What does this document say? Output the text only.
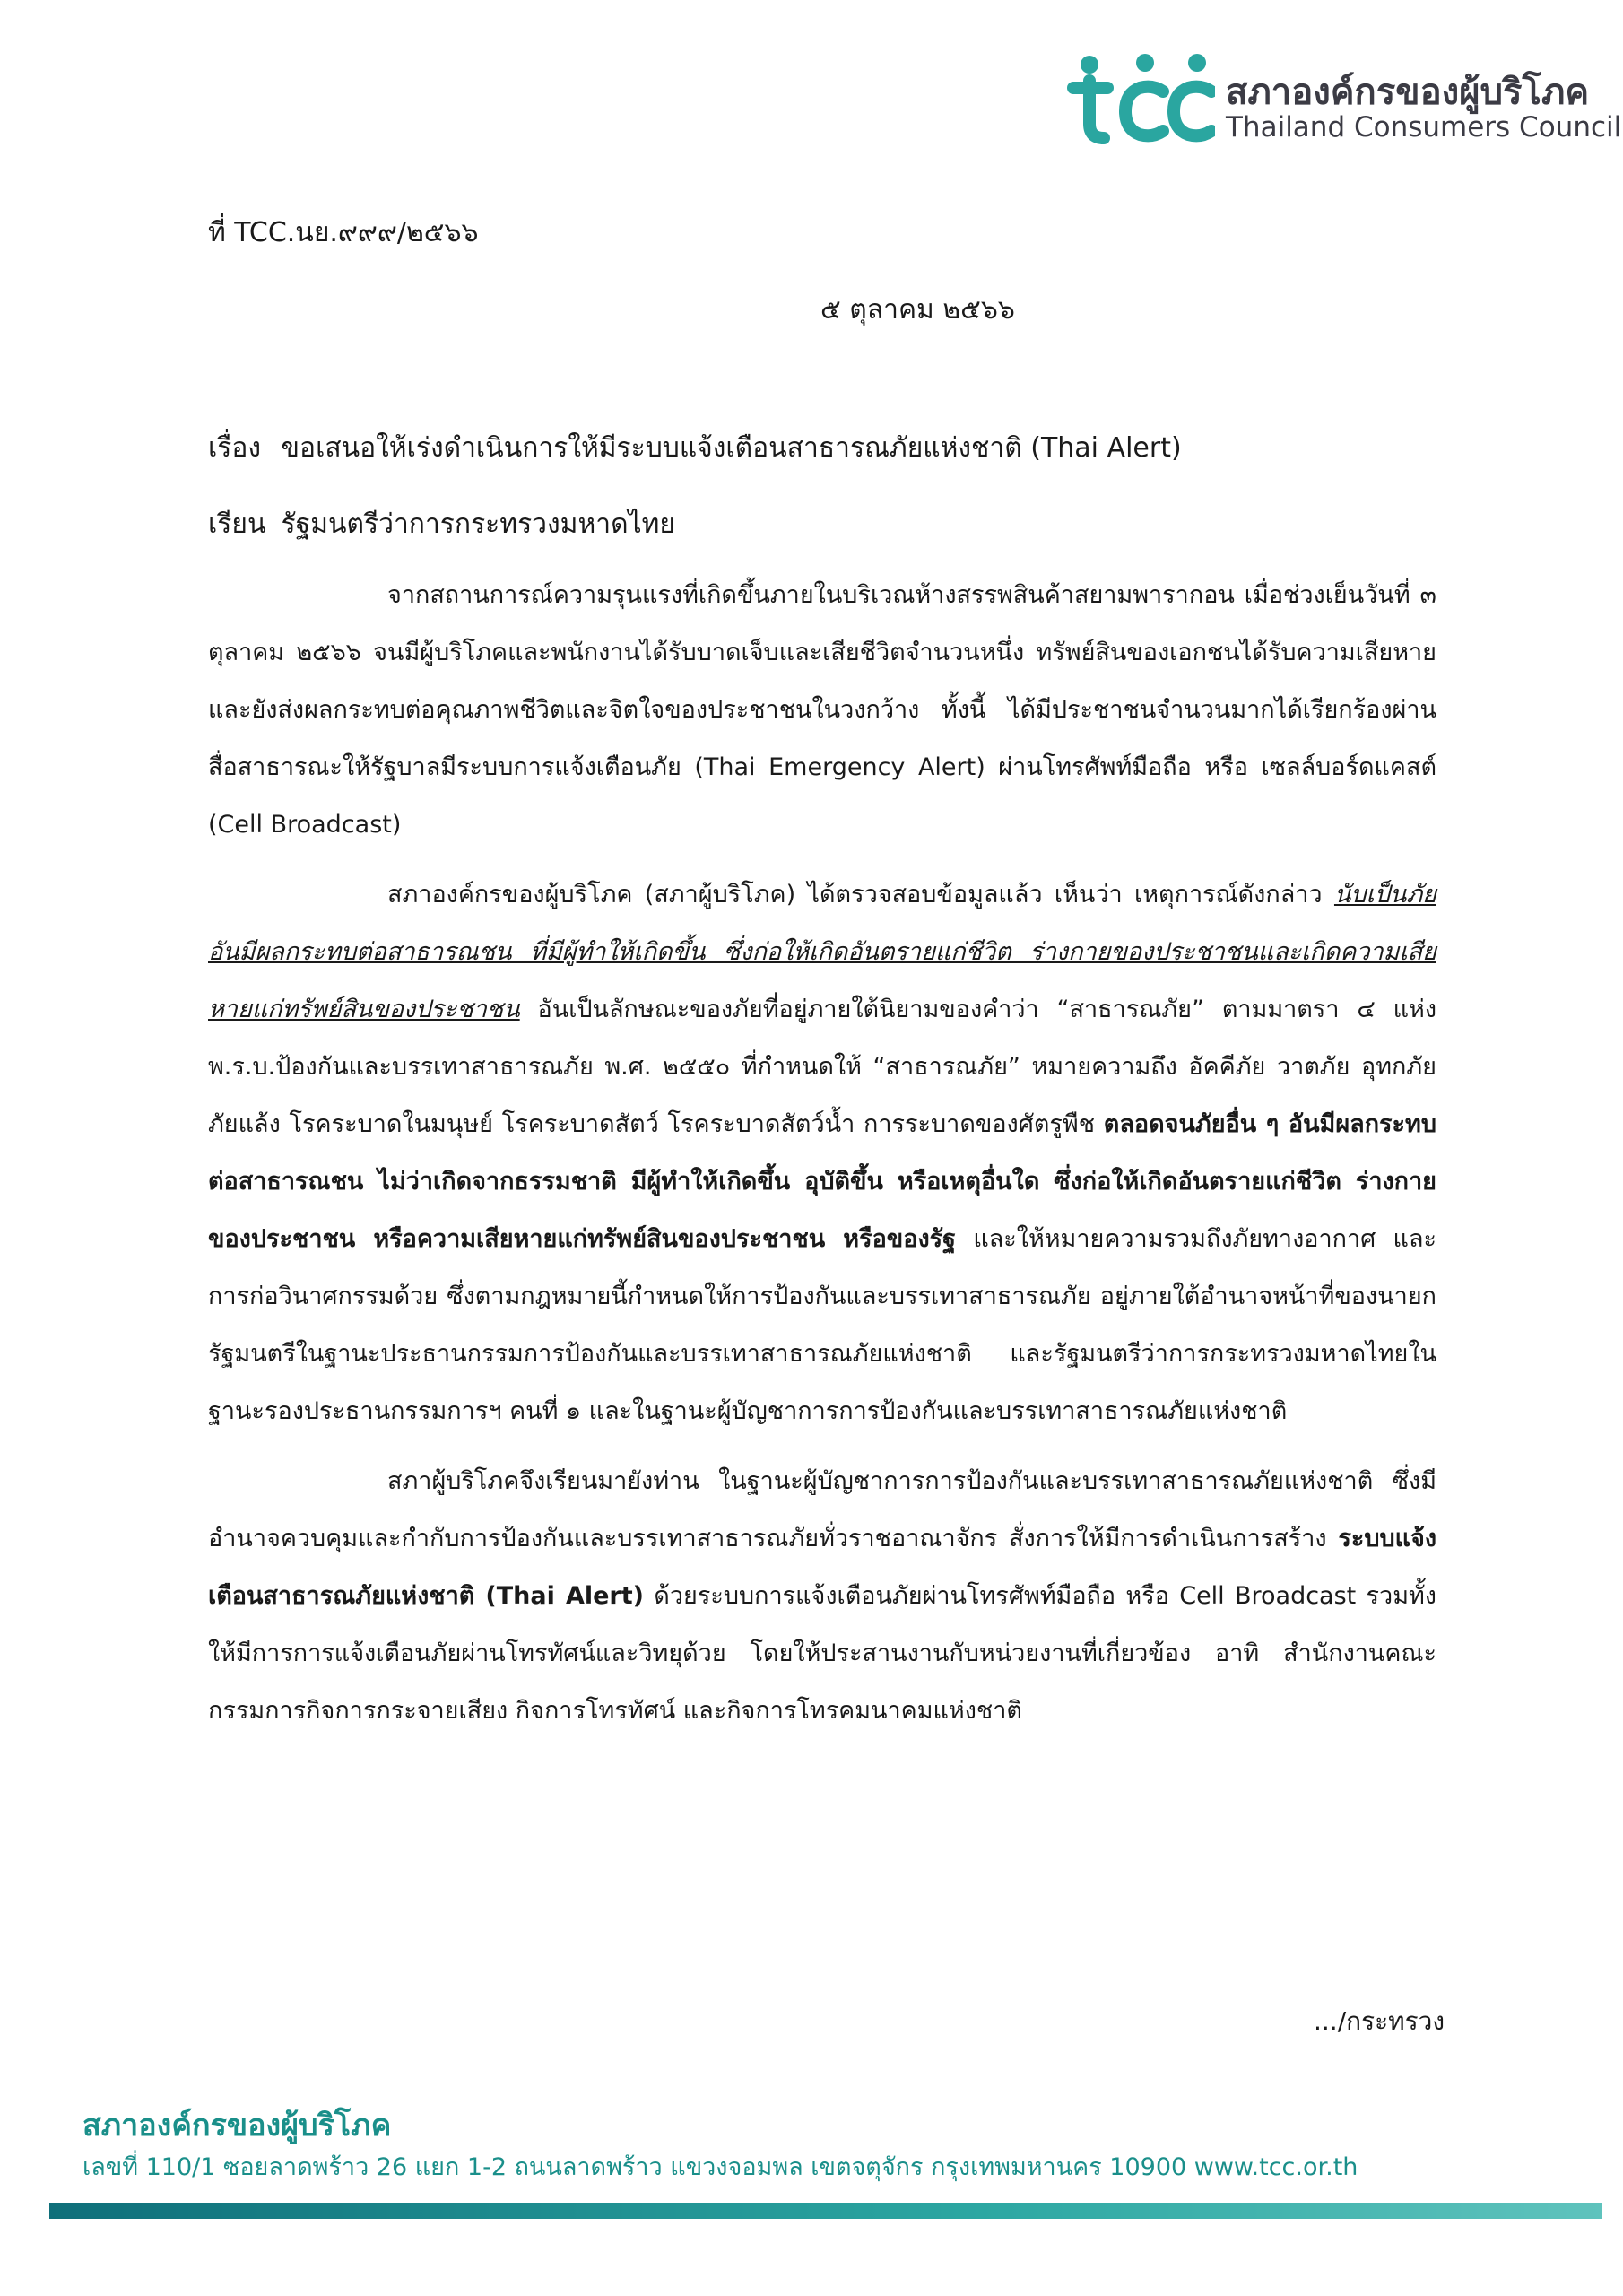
สภาองค์กรของผู้บริโภค
Thailand Consumers Council
ที่ TCC.นย.๙๙๙/๒๕๖๖
๕ ตุลาคม ๒๕๖๖
เรื่อง ขอเสนอให้เร่งดำเนินการให้มีระบบแจ้งเตือนสาธารณภัยแห่งชาติ (Thai Alert)
เรียน รัฐมนตรีว่าการกระทรวงมหาดไทย

จากสถานการณ์ความรุนแรงที่เกิดขึ้นภายในบริเวณห้างสรรพสินค้าสยามพารากอน เมื่อช่วงเย็นวันที่ ๓ ตุลาคม ๒๕๖๖ จนมีผู้บริโภคและพนักงานได้รับบาดเจ็บและเสียชีวิตจำนวนหนึ่ง ทรัพย์สินของเอกชนได้รับความเสียหาย และยังส่งผลกระทบต่อคุณภาพชีวิตและจิตใจของประชาชนในวงกว้าง ทั้งนี้ ได้มีประชาชนจำนวนมากได้เรียกร้องผ่านสื่อสาธารณะให้รัฐบาลมีระบบการแจ้งเตือนภัย (Thai Emergency Alert) ผ่านโทรศัพท์มือถือ หรือ เซลล์บอร์ดแคสต์ (Cell Broadcast)

สภาองค์กรของผู้บริโภค (สภาผู้บริโภค) ได้ตรวจสอบข้อมูลแล้ว เห็นว่า เหตุการณ์ดังกล่าว นับเป็นภัยอันมีผลกระทบต่อสาธารณชน ที่มีผู้ทำให้เกิดขึ้น ซึ่งก่อให้เกิดอันตรายแก่ชีวิต ร่างกายของประชาชนและเกิดความเสียหายแก่ทรัพย์สินของประชาชน อันเป็นลักษณะของภัยที่อยู่ภายใต้นิยามของคำว่า “สาธารณภัย” ตามมาตรา ๔ แห่ง พ.ร.บ.ป้องกันและบรรเทาสาธารณภัย พ.ศ. ๒๕๕๐ ที่กำหนดให้ “สาธารณภัย” หมายความถึง อัคคีภัย วาตภัย อุทกภัย ภัยแล้ง โรคระบาดในมนุษย์ โรคระบาดสัตว์ โรคระบาดสัตว์น้ำ การระบาดของศัตรูพืช ตลอดจนภัยอื่น ๆ อันมีผลกระทบต่อสาธารณชน ไม่ว่าเกิดจากธรรมชาติ มีผู้ทำให้เกิดขึ้น อุบัติขึ้น หรือเหตุอื่นใด ซึ่งก่อให้เกิดอันตรายแก่ชีวิต ร่างกายของประชาชน หรือความเสียหายแก่ทรัพย์สินของประชาชน หรือของรัฐ และให้หมายความรวมถึงภัยทางอากาศ และการก่อวินาศกรรมด้วย ซึ่งตามกฎหมายนี้กำหนดให้การป้องกันและบรรเทาสาธารณภัย อยู่ภายใต้อำนาจหน้าที่ของนายกรัฐมนตรีในฐานะประธานกรรมการป้องกันและบรรเทาสาธารณภัยแห่งชาติ และรัฐมนตรีว่าการกระทรวงมหาดไทยในฐานะรองประธานกรรมการฯ คนที่ ๑ และในฐานะผู้บัญชาการการป้องกันและบรรเทาสาธารณภัยแห่งชาติ

สภาผู้บริโภคจึงเรียนมายังท่าน ในฐานะผู้บัญชาการการป้องกันและบรรเทาสาธารณภัยแห่งชาติ ซึ่งมีอำนาจควบคุมและกำกับการป้องกันและบรรเทาสาธารณภัยทั่วราชอาณาจักร สั่งการให้มีการดำเนินการสร้าง ระบบแจ้งเตือนสาธารณภัยแห่งชาติ (Thai Alert) ด้วยระบบการแจ้งเตือนภัยผ่านโทรศัพท์มือถือ หรือ Cell Broadcast รวมทั้งให้มีการการแจ้งเตือนภัยผ่านโทรทัศน์และวิทยุด้วย โดยให้ประสานงานกับหน่วยงานที่เกี่ยวข้อง อาทิ สำนักงานคณะกรรมการกิจการกระจายเสียง กิจการโทรทัศน์ และกิจการโทรคมนาคมแห่งชาติ

.../กระทรวง
สภาองค์กรของผู้บริโภค
เลขที่ 110/1 ซอยลาดพร้าว 26 แยก 1-2 ถนนลาดพร้าว แขวงจอมพล เขตจตุจักร กรุงเทพมหานคร 10900 www.tcc.or.th
